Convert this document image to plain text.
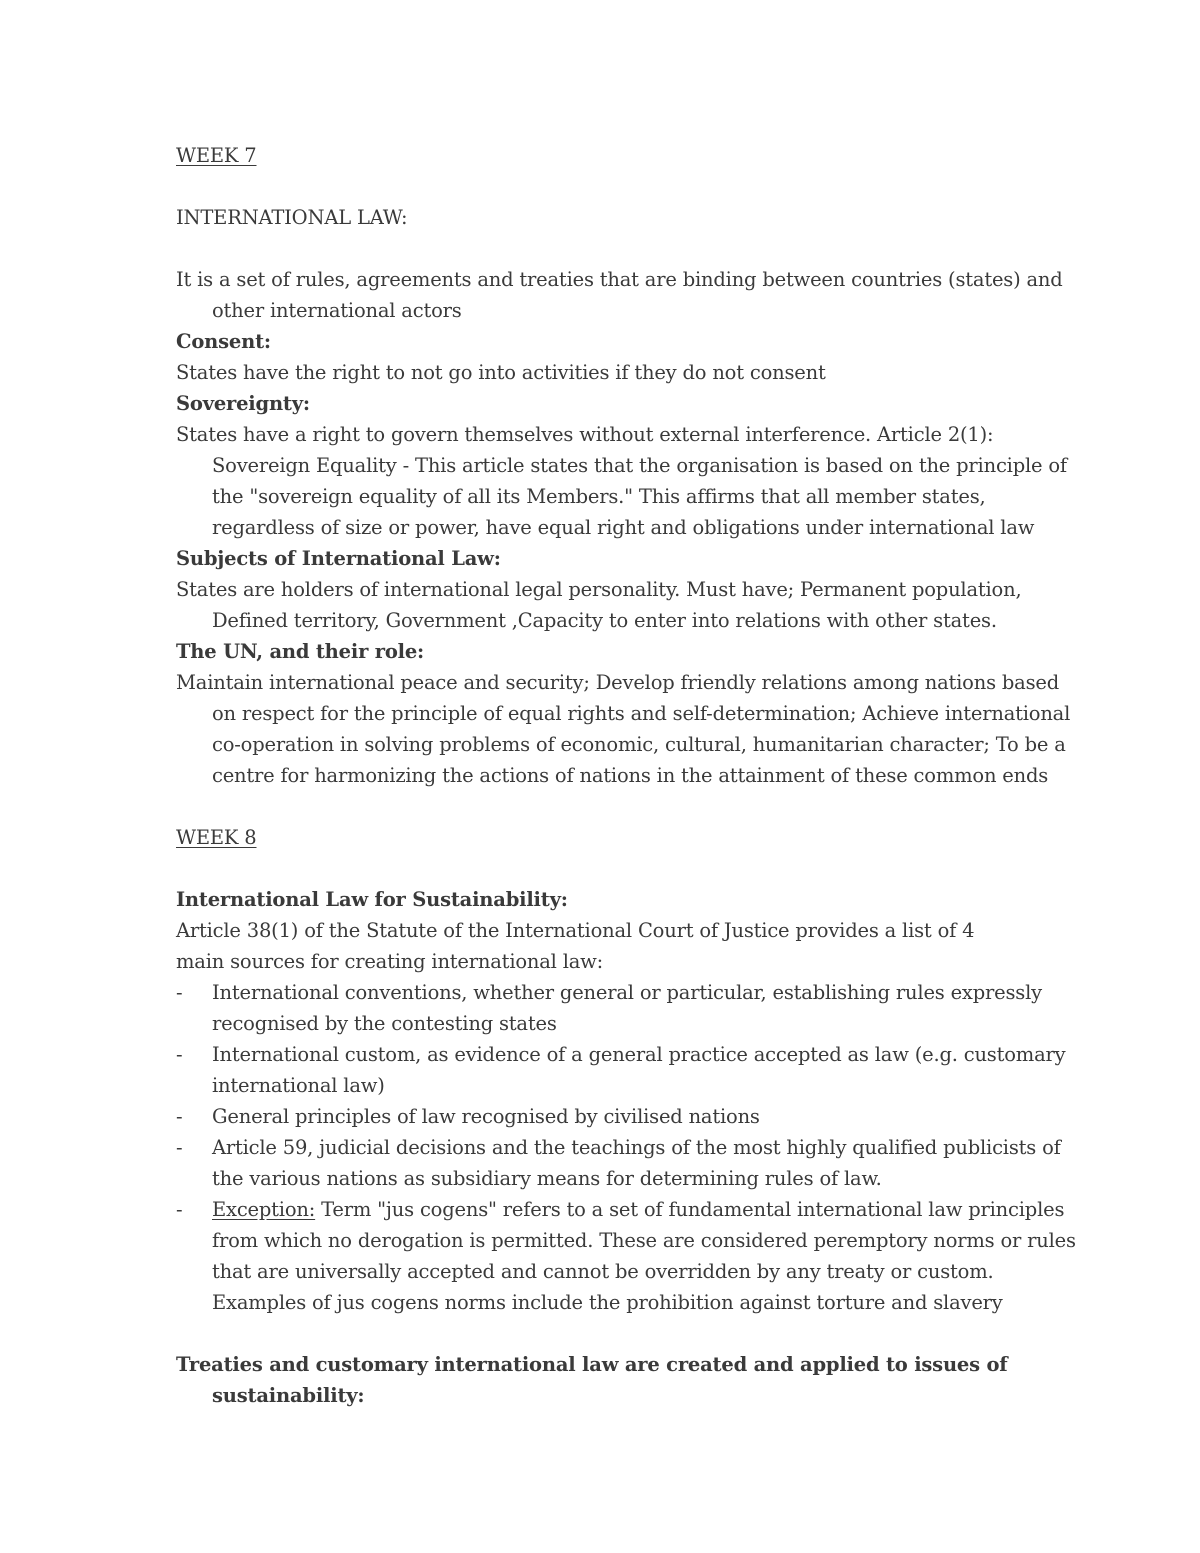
WEEK 7

INTERNATIONAL LAW:

It is a set of rules, agreements and treaties that are binding between countries (states) and other international actors

Consent:

States have the right to not go into activities if they do not consent

Sovereignty:

States have a right to govern themselves without external interference. Article 2(1):

Sovereign Equality - This article states that the organisation is based on the principle of the "sovereign equality of all its Members." This affirms that all member states, regardless of size or power, have equal right and obligations under international law

Subjects of International Law:

States are holders of international legal personality. Must have; Permanent population, Defined territory, Government ,Capacity to enter into relations with other states.

The UN, and their role:

Maintain international peace and security; Develop friendly relations among nations based on respect for the principle of equal rights and self-determination; Achieve international co-operation in solving problems of economic, cultural, humanitarian character; To be a centre for harmonizing the actions of nations in the attainment of these common ends

WEEK 8

International Law for Sustainability:

Article 38(1) of the Statute of the International Court of Justice provides a list of 4

main sources for creating international law:

- International conventions, whether general or particular, establishing rules expressly recognised by the contesting states
- International custom, as evidence of a general practice accepted as law (e.g. customary international law)
- General principles of law recognised by civilised nations
- Article 59, judicial decisions and the teachings of the most highly qualified publicists of the various nations as subsidiary means for determining rules of law.
- Exception: Term "jus cogens" refers to a set of fundamental international law principles from which no derogation is permitted. These are considered peremptory norms or rules that are universally accepted and cannot be overridden by any treaty or custom. Examples of jus cogens norms include the prohibition against torture and slavery

Treaties and customary international law are created and applied to issues of sustainability:
